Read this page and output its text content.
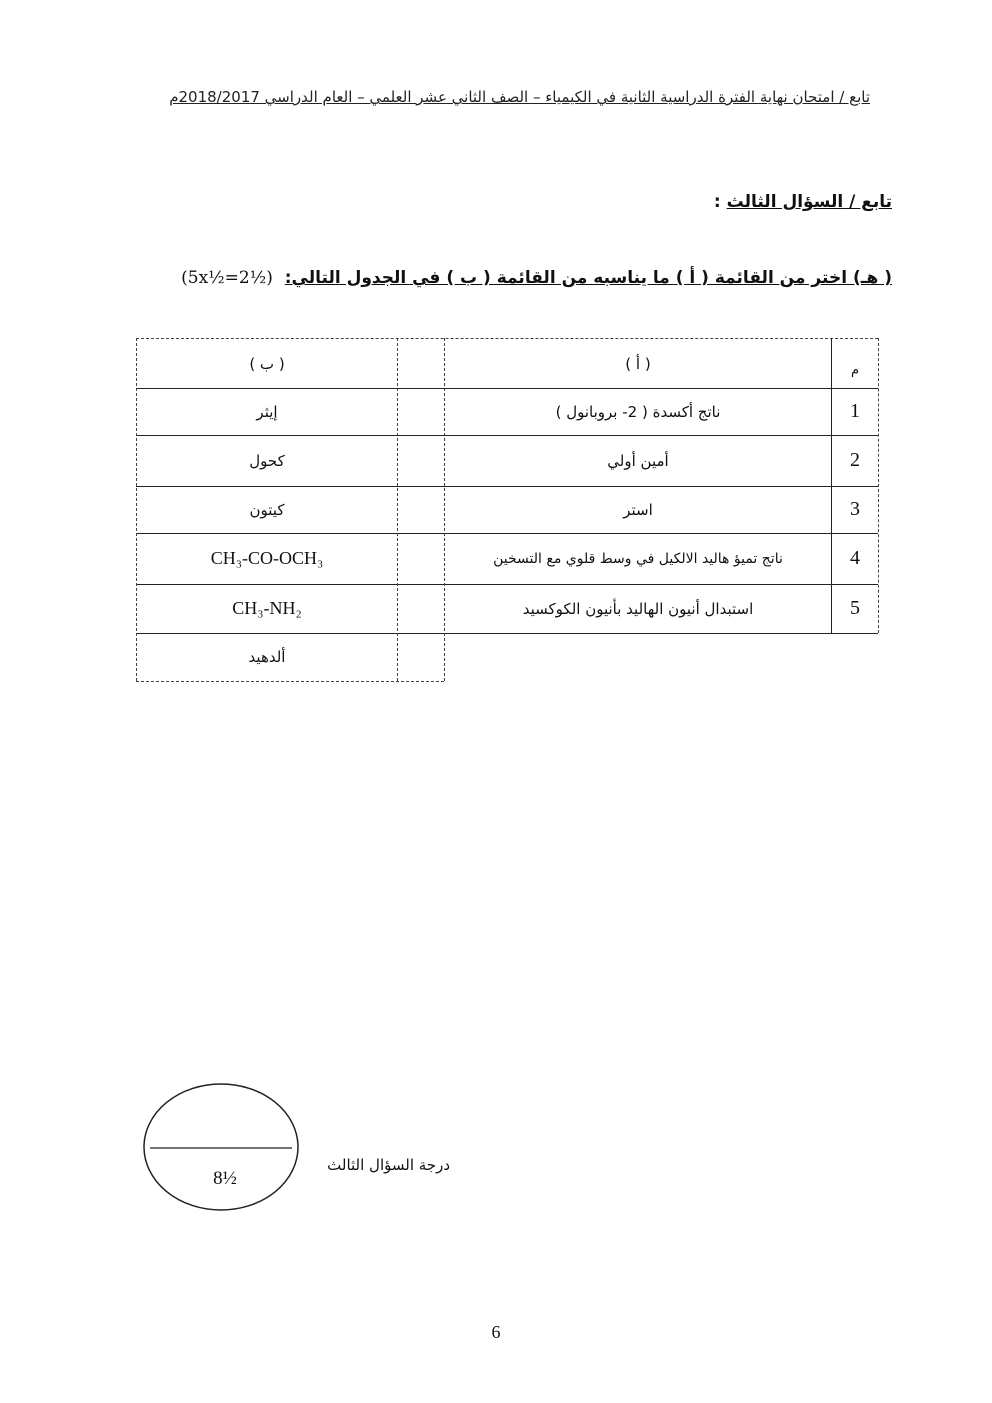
تابع / امتحان نهاية الفترة الدراسية الثانية في الكيمياء – الصف الثاني عشر العلمي – العام الدراسي 2018/2017م
تابع / السؤال الثالث :
( هـ) اختر من القائمة ( أ ) ما يناسبه من القائمة ( ب ) في الجدول التالي: (5x½=2½)
م
( أ )
( ب )
1
ناتج أكسدة ( 2- بروبانول )
إيثر
2
أمين أولي
كحول
3
استر
كيتون
4
ناتج تميؤ هاليد الالكيل في وسط قلوي مع التسخين
CH₃-CO-OCH₃
5
استبدال أنيون الهاليد بأنيون الكوكسيد
CH₃-NH₂
ألدهيد
8½
درجة السؤال الثالث
6
